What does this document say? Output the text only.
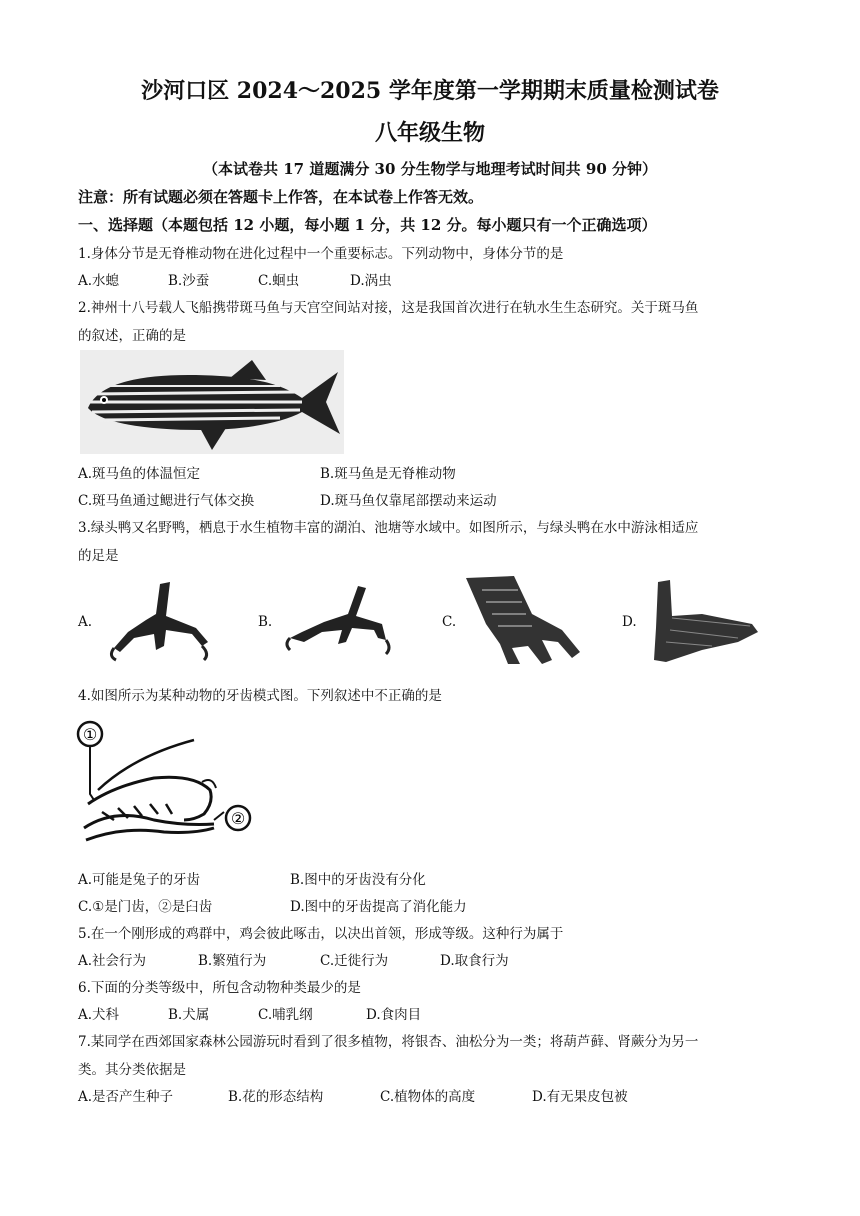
沙河口区 2024～2025 学年度第一学期期末质量检测试卷
八年级生物
（本试卷共 17 道题满分 30 分生物学与地理考试时间共 90 分钟）
注意：所有试题必须在答题卡上作答，在本试卷上作答无效。
一、选择题（本题包括 12 小题，每小题 1 分，共 12 分。每小题只有一个正确选项）
1.身体分节是无脊椎动物在进化过程中一个重要标志。下列动物中，身体分节的是
A.水螅	B.沙蚕	C.蛔虫	D.涡虫
2.神州十八号载人飞船携带斑马鱼与天宫空间站对接，这是我国首次进行在轨水生生态研究。关于斑马鱼
的叙述，正确的是
A.斑马鱼的体温恒定	B.斑马鱼是无脊椎动物
C.斑马鱼通过鳃进行气体交换	D.斑马鱼仅靠尾部摆动来运动
3.绿头鸭又名野鸭，栖息于水生植物丰富的湖泊、池塘等水域中。如图所示，与绿头鸭在水中游泳相适应
的足是
A.	B.	C.	D.
4.如图所示为某种动物的牙齿模式图。下列叙述中不正确的是
①
②
A.可能是兔子的牙齿	B.图中的牙齿没有分化
C.①是门齿，②是臼齿	D.图中的牙齿提高了消化能力
5.在一个刚形成的鸡群中，鸡会彼此啄击，以决出首领，形成等级。这种行为属于
A.社会行为	B.繁殖行为	C.迁徙行为	D.取食行为
6.下面的分类等级中，所包含动物种类最少的是
A.犬科	B.犬属	C.哺乳纲	D.食肉目
7.某同学在西郊国家森林公园游玩时看到了很多植物，将银杏、油松分为一类；将葫芦藓、肾蕨分为另一
类。其分类依据是
A.是否产生种子	B.花的形态结构	C.植物体的高度	D.有无果皮包被
